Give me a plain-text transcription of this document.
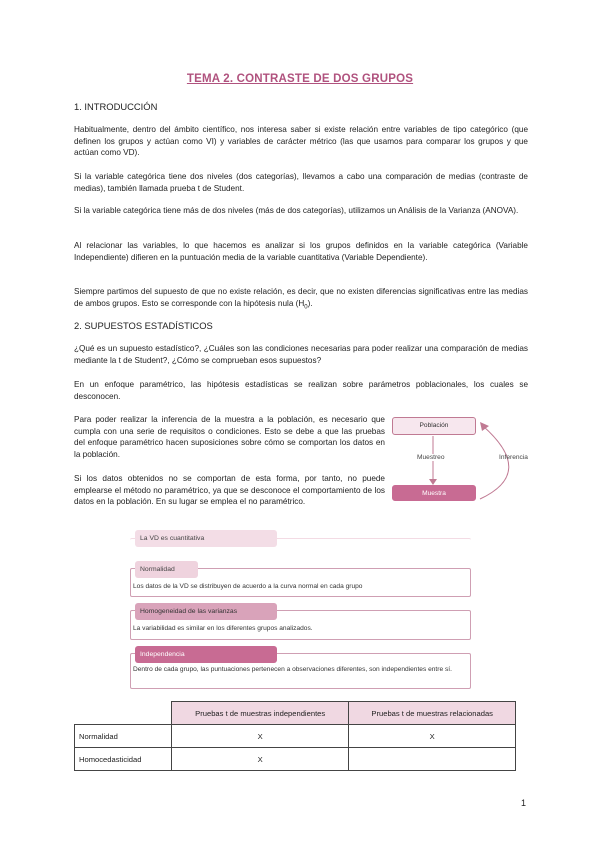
TEMA 2. CONTRASTE DE DOS GRUPOS
1. INTRODUCCIÓN
Habitualmente, dentro del ámbito científico, nos interesa saber si existe relación entre variables de tipo categórico (que definen los grupos y actúan como VI) y variables de carácter métrico (las que usamos para comparar los grupos y que actúan como VD).
Si la variable categórica tiene dos niveles (dos categorías), llevamos a cabo una comparación de medias (contraste de medias), también llamada prueba t de Student.
Si la variable categórica tiene más de dos niveles (más de dos categorías), utilizamos un Análisis de la Varianza (ANOVA).
Al relacionar las variables, lo que hacemos es analizar si los grupos definidos en la variable categórica (Variable Independiente) difieren en la puntuación media de la variable cuantitativa (Variable Dependiente).
Siempre partimos del supuesto de que no existe relación, es decir, que no existen diferencias significativas entre las medias de ambos grupos. Esto se corresponde con la hipótesis nula $(H_0)$.
2. SUPUESTOS ESTADÍSTICOS
¿Qué es un supuesto estadístico?, ¿Cuáles son las condiciones necesarias para poder realizar una comparación de medias mediante la t de Student?, ¿Cómo se comprueban esos supuestos?
En un enfoque paramétrico, las hipótesis estadísticas se realizan sobre parámetros poblacionales, los cuales se desconocen.
Para poder realizar la inferencia de la muestra a la población, es necesario que cumpla con una serie de requisitos o condiciones. Esto se debe a que las pruebas del enfoque paramétrico hacen suposiciones sobre cómo se comportan los datos en la población.
Si los datos obtenidos no se comportan de esta forma, por tanto, no puede emplearse el método no paramétrico, ya que se desconoce el comportamiento de los datos en la población. En su lugar se emplea el no paramétrico.
Población
Muestreo	Inferencia
Muestra
La VD es cuantitativa
Normalidad
Los datos de la VD se distribuyen de acuerdo a la curva normal en cada grupo
Homogeneidad de las varianzas
La variabilidad es similar en los diferentes grupos analizados.
Independencia
Dentro de cada grupo, las puntuaciones pertenecen a observaciones diferentes, son independientes entre sí.
	Pruebas t de muestras independientes	Pruebas t de muestras relacionadas
Normalidad	X	X
Homocedasticidad	X	
1
